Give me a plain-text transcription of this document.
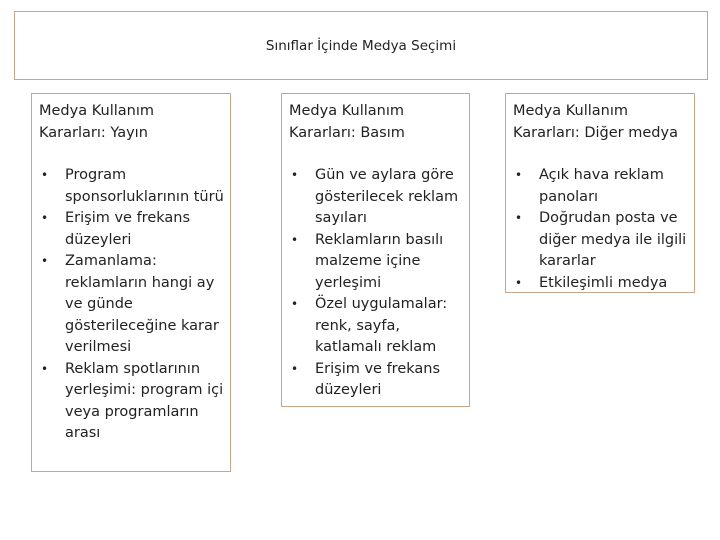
Sınıflar İçinde Medya Seçimi
Medya Kullanım Kararları: Yayın
• Program sponsorluklarının türü
• Erişim ve frekans düzeyleri
• Zamanlama: reklamların hangi ay ve günde gösterileceğine karar verilmesi
• Reklam spotlarının yerleşimi: program içi veya programların arası
Medya Kullanım Kararları: Basım
• Gün ve aylara göre gösterilecek reklam sayıları
• Reklamların basılı malzeme içine yerleşimi
• Özel uygulamalar: renk, sayfa, katlamalı reklam
• Erişim ve frekans düzeyleri
Medya Kullanım Kararları: Diğer medya
• Açık hava reklam panoları
• Doğrudan posta ve diğer medya ile ilgili kararlar
• Etkileşimli medya
